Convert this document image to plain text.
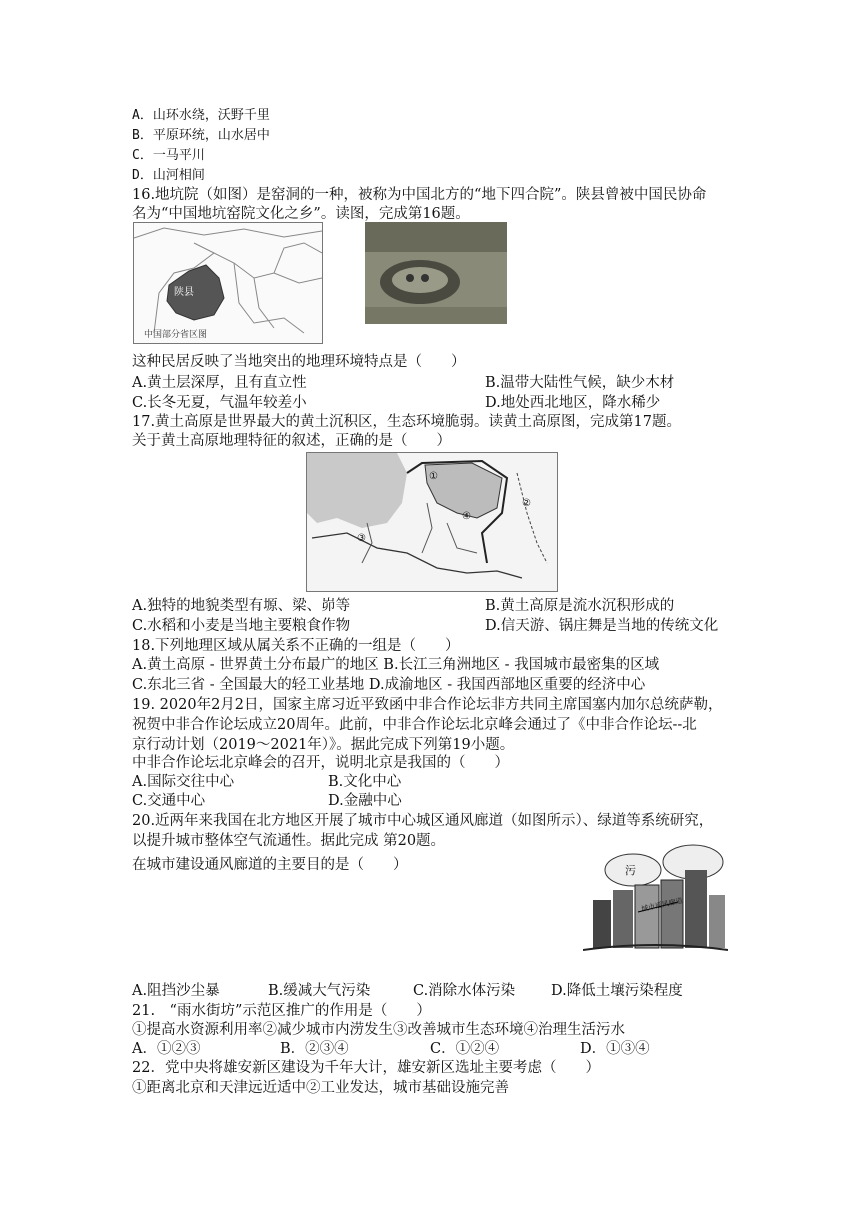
A．山环水绕，沃野千里
B．平原环统，山水居中
C．一马平川
D．山河相间
16.地坑院（如图）是窑洞的一种，被称为中国北方的“地下四合院”。陕县曾被中国民协命
名为“中国地坑窑院文化之乡”。读图，完成第16题。
陕县
中国部分省区图
这种民居反映了当地突出的地理环境特点是（　　）
A.黄土层深厚，且有直立性	B.温带大陆性气候，缺少木材
C.长冬无夏，气温年较差小	D.地处西北地区，降水稀少
17.黄土高原是世界最大的黄土沉积区，生态环境脆弱。读黄土高原图，完成第17题。
关于黄土高原地理特征的叙述，正确的是（　　）
①
②
③
④
A.独特的地貌类型有塬、梁、峁等	B.黄土高原是流水沉积形成的
C.水稻和小麦是当地主要粮食作物	D.信天游、锅庄舞是当地的传统文化
18.下列地理区域从属关系不正确的一组是（　　）
A.黄土高原 - 世界黄土分布最广的地区 B.长江三角洲地区 - 我国城市最密集的区域
C.东北三省 - 全国最大的轻工业基地 D.成渝地区 - 我国西部地区重要的经济中心
19. 2020年2月2日，国家主席习近平致函中非合作论坛非方共同主席国塞内加尔总统萨勒，
祝贺中非合作论坛成立20周年。此前，中非合作论坛北京峰会通过了《中非合作论坛--北
京行动计划（2019～2021年）》。据此完成下列第19小题。
中非合作论坛北京峰会的召开，说明北京是我国的（　　）
A.国际交往中心	B.文化中心
C.交通中心	D.金融中心
20.近两年来我国在北方地区开展了城市中心城区通风廊道（如图所示）、绿道等系统研究，
以提升城市整体空气流通性。据此完成 第20题。
在城市建设通风廊道的主要目的是（　　）	污
城市通风廊道
A.阻挡沙尘暴	B.缓减大气污染	C.消除水体污染 D.降低土壤污染程度
21.　“雨水街坊”示范区推广的作用是（　　）
①提高水资源利用率②减少城市内涝发生③改善城市生态环境④治理生活污水
A．①②③	B．②③④	C．①②④	D．①③④
22．党中央将雄安新区建设为千年大计，雄安新区选址主要考虑（　　）
①距离北京和天津远近适中②工业发达，城市基础设施完善
